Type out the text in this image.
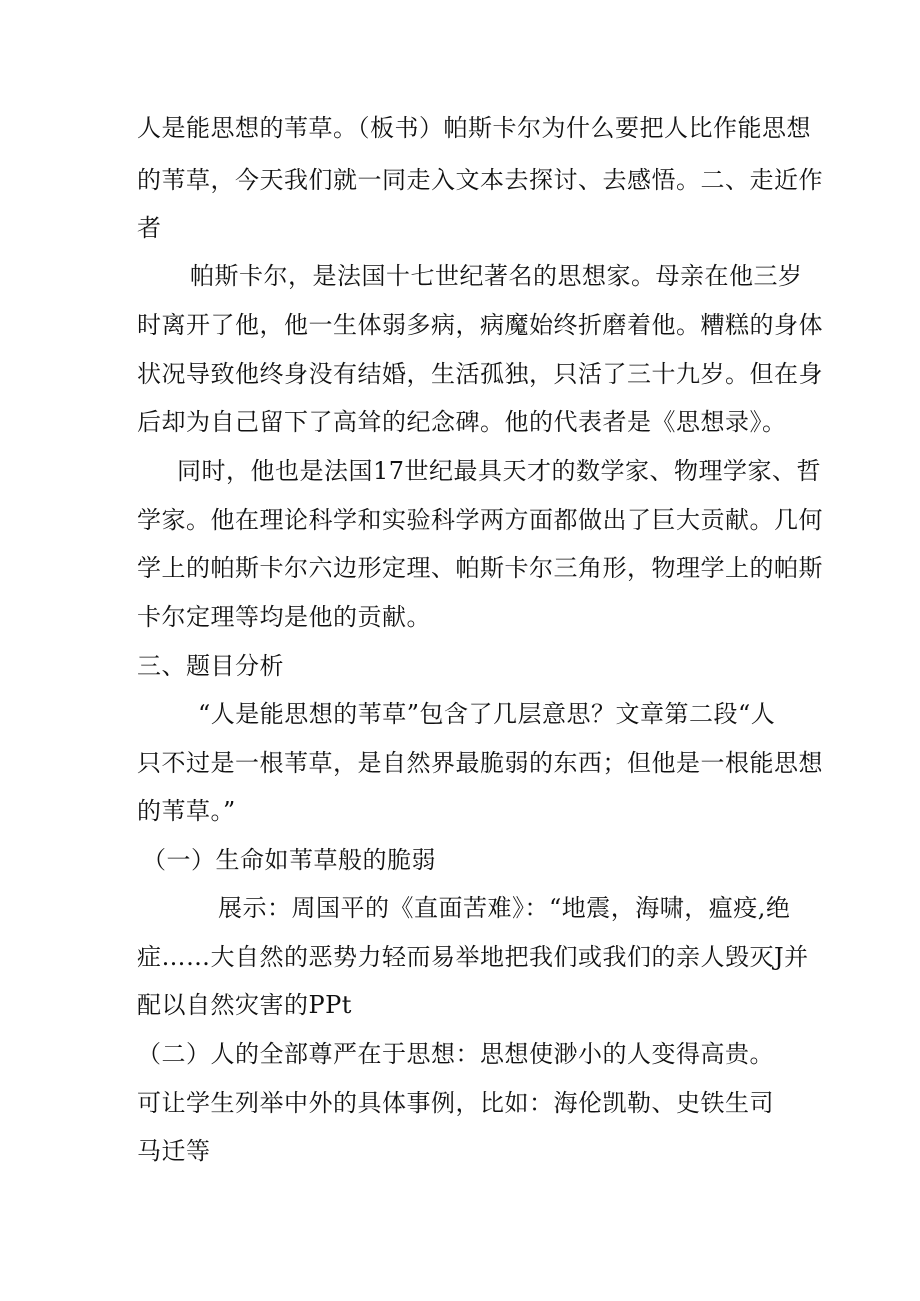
人是能思想的苇草。（板书）帕斯卡尔为什么要把人比作能思想
的苇草，今天我们就一同走入文本去探讨、去感悟。二、走近作
者
帕斯卡尔，是法国十七世纪著名的思想家。母亲在他三岁
时离开了他，他一生体弱多病，病魔始终折磨着他。糟糕的身体
状况导致他终身没有结婚，生活孤独，只活了三十九岁。但在身
后却为自己留下了高耸的纪念碑。他的代表者是《思想录》。
同时，他也是法国17世纪最具天才的数学家、物理学家、哲
学家。他在理论科学和实验科学两方面都做出了巨大贡献。几何
学上的帕斯卡尔六边形定理、帕斯卡尔三角形，物理学上的帕斯
卡尔定理等均是他的贡献。
三、题目分析
“人是能思想的苇草”包含了几层意思？文章第二段“人
只不过是一根苇草，是自然界最脆弱的东西；但他是一根能思想
的苇草。”
（一）生命如苇草般的脆弱
展示：周国平的《直面苦难》：“地震，海啸，瘟疫,绝
症……大自然的恶势力轻而易举地把我们或我们的亲人毁灭J并
配以自然灾害的PPt
（二）人的全部尊严在于思想：思想使渺小的人变得高贵。
可让学生列举中外的具体事例，比如：海伦凯勒、史铁生司
马迁等
